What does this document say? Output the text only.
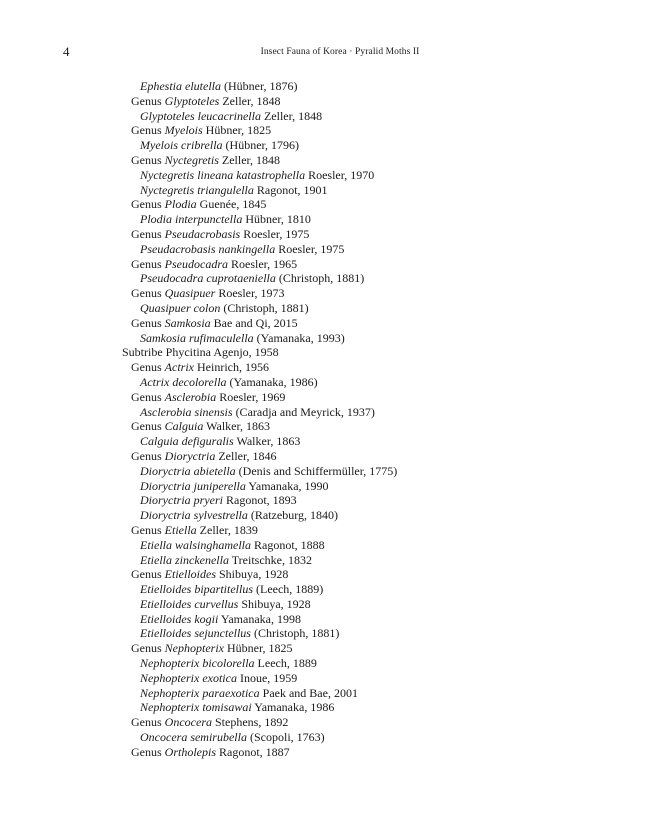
4	Insect Fauna of Korea · Pyralid Moths II
Ephestia elutella (Hübner, 1876)
Genus Glyptoteles Zeller, 1848
Glyptoteles leucacrinella Zeller, 1848
Genus Myelois Hübner, 1825
Myelois cribrella (Hübner, 1796)
Genus Nyctegretis Zeller, 1848
Nyctegretis lineana katastrophella Roesler, 1970
Nyctegretis triangulella Ragonot, 1901
Genus Plodia Guenée, 1845
Plodia interpunctella Hübner, 1810
Genus Pseudacrobasis Roesler, 1975
Pseudacrobasis nankingella Roesler, 1975
Genus Pseudocadra Roesler, 1965
Pseudocadra cuprotaeniella (Christoph, 1881)
Genus Quasipuer Roesler, 1973
Quasipuer colon (Christoph, 1881)
Genus Samkosia Bae and Qi, 2015
Samkosia rufimaculella (Yamanaka, 1993)
Subtribe Phycitina Agenjo, 1958
Genus Actrix Heinrich, 1956
Actrix decolorella (Yamanaka, 1986)
Genus Asclerobia Roesler, 1969
Asclerobia sinensis (Caradja and Meyrick, 1937)
Genus Calguia Walker, 1863
Calguia defiguralis Walker, 1863
Genus Dioryctria Zeller, 1846
Dioryctria abietella (Denis and Schiffermüller, 1775)
Dioryctria juniperella Yamanaka, 1990
Dioryctria pryeri Ragonot, 1893
Dioryctria sylvestrella (Ratzeburg, 1840)
Genus Etiella Zeller, 1839
Etiella walsinghamella Ragonot, 1888
Etiella zinckenella Treitschke, 1832
Genus Etielloides Shibuya, 1928
Etielloides bipartitellus (Leech, 1889)
Etielloides curvellus Shibuya, 1928
Etielloides kogii Yamanaka, 1998
Etielloides sejunctellus (Christoph, 1881)
Genus Nephopterix Hübner, 1825
Nephopterix bicolorella Leech, 1889
Nephopterix exotica Inoue, 1959
Nephopterix paraexotica Paek and Bae, 2001
Nephopterix tomisawai Yamanaka, 1986
Genus Oncocera Stephens, 1892
Oncocera semirubella (Scopoli, 1763)
Genus Ortholepis Ragonot, 1887
